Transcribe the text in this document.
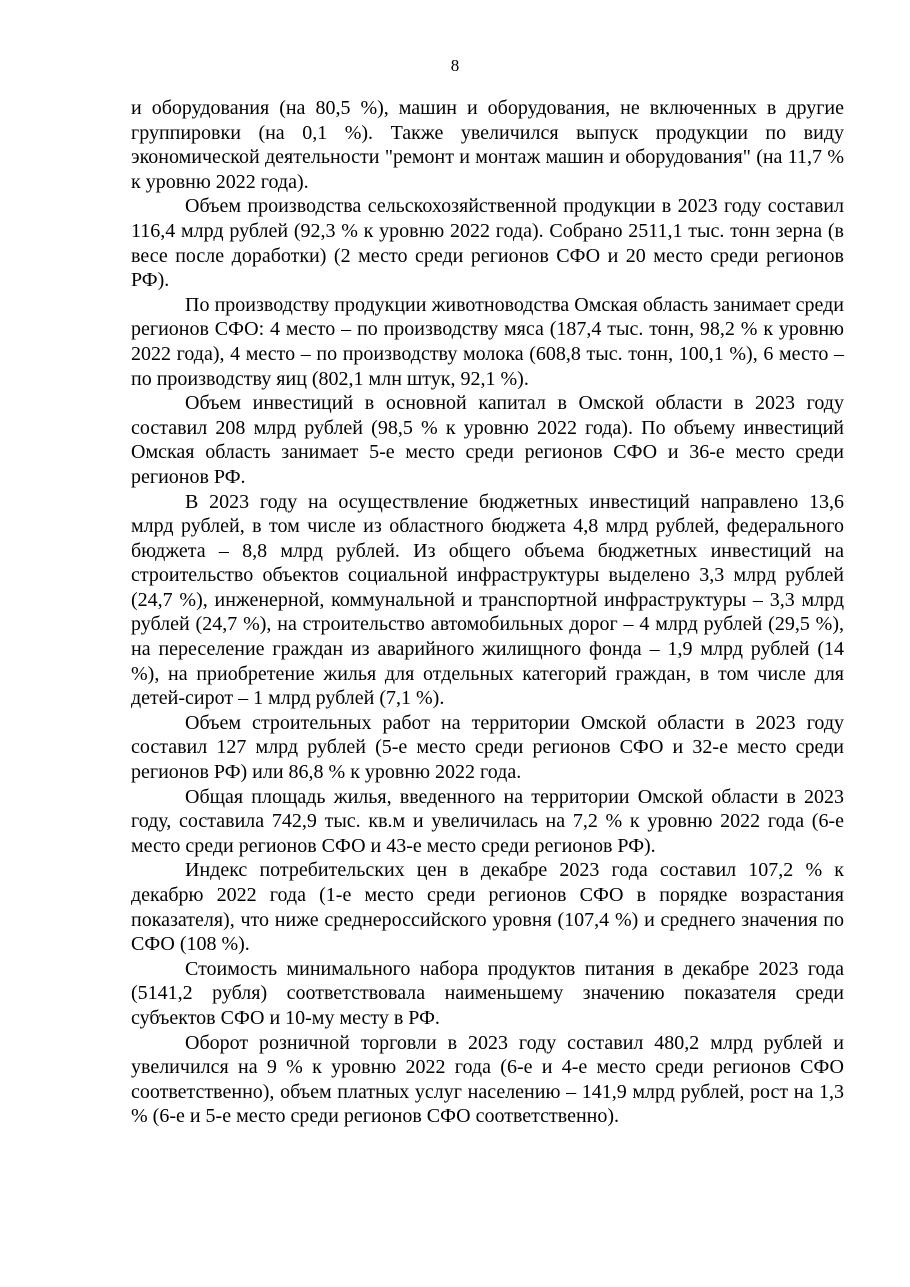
8

и оборудования (на 80,5 %), машин и оборудования, не включенных в другие группировки (на 0,1 %). Также увеличился выпуск продукции по виду экономической деятельности "ремонт и монтаж машин и оборудования" (на 11,7 % к уровню 2022 года).

Объем производства сельскохозяйственной продукции в 2023 году составил 116,4 млрд рублей (92,3 % к уровню 2022 года). Собрано 2511,1 тыс. тонн зерна (в весе после доработки) (2 место среди регионов СФО и 20 место среди регионов РФ).

По производству продукции животноводства Омская область занимает среди регионов СФО: 4 место – по производству мяса (187,4 тыс. тонн, 98,2 % к уровню 2022 года), 4 место – по производству молока (608,8 тыс. тонн, 100,1 %), 6 место – по производству яиц (802,1 млн штук, 92,1 %).

Объем инвестиций в основной капитал в Омской области в 2023 году составил 208 млрд рублей (98,5 % к уровню 2022 года). По объему инвестиций Омская область занимает 5-е место среди регионов СФО и 36-е место среди регионов РФ.

В 2023 году на осуществление бюджетных инвестиций направлено 13,6 млрд рублей, в том числе из областного бюджета 4,8 млрд рублей, федерального бюджета – 8,8 млрд рублей. Из общего объема бюджетных инвестиций на строительство объектов социальной инфраструктуры выделено 3,3 млрд рублей (24,7 %), инженерной, коммунальной и транспортной инфраструктуры – 3,3 млрд рублей (24,7 %), на строительство автомобильных дорог – 4 млрд рублей (29,5 %), на переселение граждан из аварийного жилищного фонда – 1,9 млрд рублей (14 %), на приобретение жилья для отдельных категорий граждан, в том числе для детей-сирот – 1 млрд рублей (7,1 %).

Объем строительных работ на территории Омской области в 2023 году составил 127 млрд рублей (5-е место среди регионов СФО и 32-е место среди регионов РФ) или 86,8 % к уровню 2022 года.

Общая площадь жилья, введенного на территории Омской области в 2023 году, составила 742,9 тыс. кв.м и увеличилась на 7,2 % к уровню 2022 года (6-е место среди регионов СФО и 43-е место среди регионов РФ).

Индекс потребительских цен в декабре 2023 года составил 107,2 % к декабрю 2022 года (1-е место среди регионов СФО в порядке возрастания показателя), что ниже среднероссийского уровня (107,4 %) и среднего значения по СФО (108 %).

Стоимость минимального набора продуктов питания в декабре 2023 года (5141,2 рубля) соответствовала наименьшему значению показателя среди субъектов СФО и 10-му месту в РФ.

Оборот розничной торговли в 2023 году составил 480,2 млрд рублей и увеличился на 9 % к уровню 2022 года (6-е и 4-е место среди регионов СФО соответственно), объем платных услуг населению – 141,9 млрд рублей, рост на 1,3 % (6-е и 5-е место среди регионов СФО соответственно).
